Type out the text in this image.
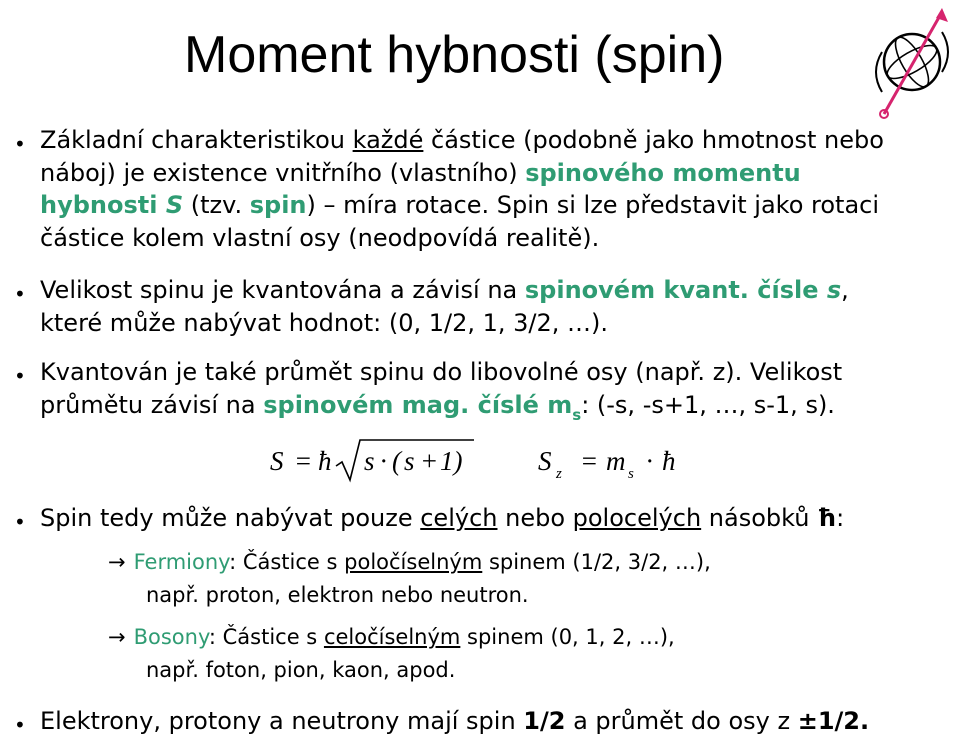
Moment hybnosti (spin)
• Základní charakteristikou každé částice (podobně jako hmotnost nebo
náboj) je existence vnitřního (vlastního) spinového momentu
hybnosti S (tzv. spin) – míra rotace. Spin si lze představit jako rotaci
částice kolem vlastní osy (neodpovídá realitě).
• Velikost spinu je kvantována a závisí na spinovém kvant. čísle s,
které může nabývat hodnot: (0, 1/2, 1, 3/2, …).
• Kvantován je také průmět spinu do libovolné osy (např. z). Velikost
průmětu závisí na spinovém mag. číslé $m_s$: (-s, -s+1, …, s-1, s).
S = ħ s · ( s + 1)	S z = m s · ħ
• Spin tedy může nabývat pouze celých nebo polocelých násobků ħ:
→ Fermiony: Částice s poločíselným spinem (1/2, 3/2, …),
např. proton, elektron nebo neutron.
→ Bosony: Částice s celočíselným spinem (0, 1, 2, …),
např. foton, pion, kaon, apod.
• Elektrony, protony a neutrony mají spin 1/2 a průmět do osy z ±1/2.
